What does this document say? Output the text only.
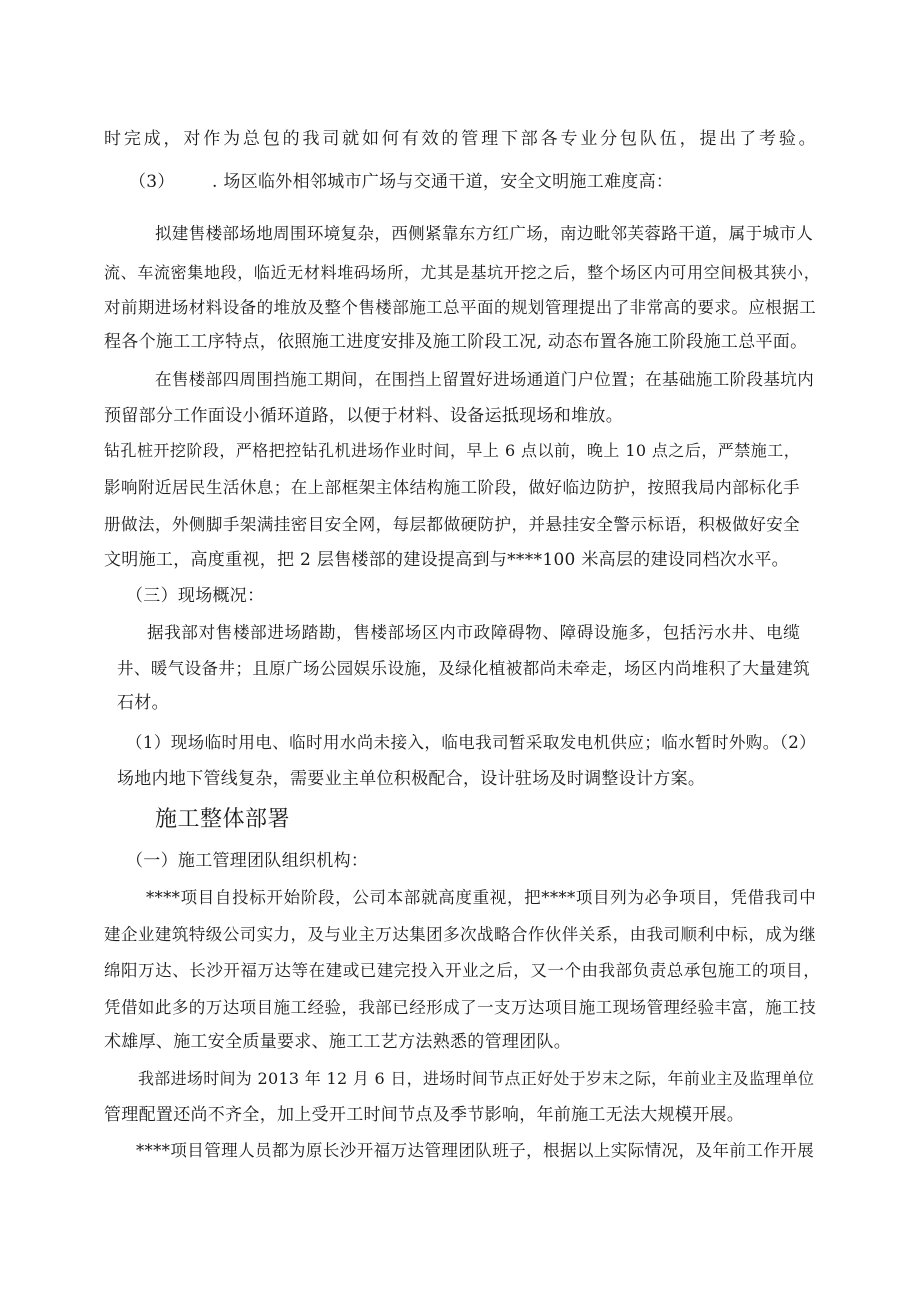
时完成，对作为总包的我司就如何有效的管理下部各专业分包队伍，提出了考验。
（3） . 场区临外相邻城市广场与交通干道，安全文明施工难度高：
拟建售楼部场地周围环境复杂，西侧紧靠东方红广场，南边毗邻芙蓉路干道，属于城市人
流、车流密集地段，临近无材料堆码场所，尤其是基坑开挖之后，整个场区内可用空间极其狭小，
对前期进场材料设备的堆放及整个售楼部施工总平面的规划管理提出了非常高的要求。应根据工
程各个施工工序特点，依照施工进度安排及施工阶段工况, 动态布置各施工阶段施工总平面。
在售楼部四周围挡施工期间，在围挡上留置好进场通道门户位置；在基础施工阶段基坑内
预留部分工作面设小循环道路，以便于材料、设备运抵现场和堆放。
钻孔桩开挖阶段，严格把控钻孔机进场作业时间，早上 6 点以前，晚上 10 点之后，严禁施工，
影响附近居民生活休息；在上部框架主体结构施工阶段，做好临边防护，按照我局内部标化手
册做法，外侧脚手架满挂密目安全网，每层都做硬防护，并悬挂安全警示标语，积极做好安全
文明施工，高度重视，把 2 层售楼部的建设提高到与****100 米高层的建设同档次水平。
（三）现场概况：
据我部对售楼部进场踏勘，售楼部场区内市政障碍物、障碍设施多，包括污水井、电缆
井、暖气设备井；且原广场公园娱乐设施，及绿化植被都尚未牵走，场区内尚堆积了大量建筑
石材。
（1）现场临时用电、临时用水尚未接入，临电我司暂采取发电机供应；临水暂时外购。（2）
场地内地下管线复杂，需要业主单位积极配合，设计驻场及时调整设计方案。
施工整体部署
（一）施工管理团队组织机构：
****项目自投标开始阶段，公司本部就高度重视，把****项目列为必争项目，凭借我司中
建企业建筑特级公司实力，及与业主万达集团多次战略合作伙伴关系，由我司顺利中标，成为继
绵阳万达、长沙开福万达等在建或已建完投入开业之后，又一个由我部负责总承包施工的项目，
凭借如此多的万达项目施工经验，我部已经形成了一支万达项目施工现场管理经验丰富，施工技
术雄厚、施工安全质量要求、施工工艺方法熟悉的管理团队。
我部进场时间为 2013 年 12 月 6 日，进场时间节点正好处于岁末之际，年前业主及监理单位
管理配置还尚不齐全，加上受开工时间节点及季节影响，年前施工无法大规模开展。
****项目管理人员都为原长沙开福万达管理团队班子，根据以上实际情况，及年前工作开展
